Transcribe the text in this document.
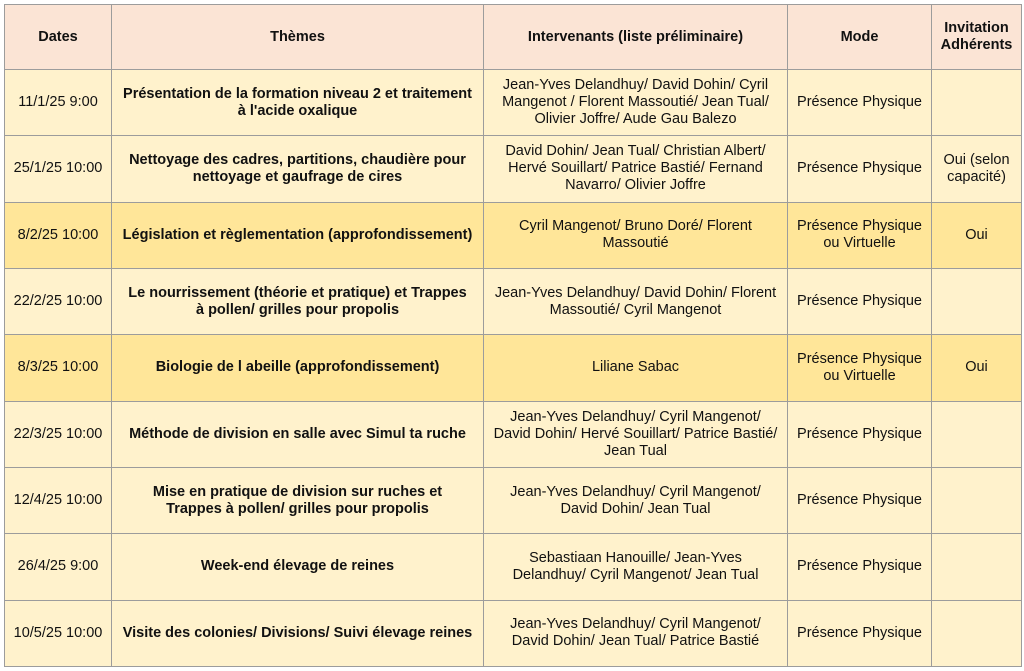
Dates	Thèmes	Intervenants (liste préliminaire)	Mode	Invitation
Adhérents
11/1/25 9:00	Présentation de la formation niveau 2 et traitement
à l'acide oxalique	Jean-Yves Delandhuy/ David Dohin/ Cyril
Mangenot / Florent Massoutié/ Jean Tual/
Olivier Joffre/ Aude Gau Balezo	Présence Physique	
25/1/25 10:00	Nettoyage des cadres, partitions, chaudière pour
nettoyage et gaufrage de cires	David Dohin/ Jean Tual/ Christian Albert/
Hervé Souillart/ Patrice Bastié/ Fernand
Navarro/ Olivier Joffre	Présence Physique	Oui (selon
capacité)
8/2/25 10:00	Législation et règlementation (approfondissement)	Cyril Mangenot/ Bruno Doré/ Florent
Massoutié	Présence Physique
ou Virtuelle	Oui
22/2/25 10:00	Le nourrissement (théorie et pratique) et Trappes
à pollen/ grilles pour propolis	Jean-Yves Delandhuy/ David Dohin/ Florent
Massoutié/ Cyril Mangenot	Présence Physique	
8/3/25 10:00	Biologie de l abeille (approfondissement)	Liliane Sabac	Présence Physique
ou Virtuelle	Oui
22/3/25 10:00	Méthode de division en salle avec Simul ta ruche	Jean-Yves Delandhuy/ Cyril Mangenot/
David Dohin/ Hervé Souillart/ Patrice Bastié/
Jean Tual	Présence Physique	
12/4/25 10:00	Mise en pratique de division sur ruches et
Trappes à pollen/ grilles pour propolis	Jean-Yves Delandhuy/ Cyril Mangenot/
David Dohin/ Jean Tual	Présence Physique	
26/4/25 9:00	Week-end élevage de reines	Sebastiaan Hanouille/ Jean-Yves
Delandhuy/ Cyril Mangenot/ Jean Tual	Présence Physique	
10/5/25 10:00	Visite des colonies/ Divisions/ Suivi élevage reines	Jean-Yves Delandhuy/ Cyril Mangenot/
David Dohin/ Jean Tual/ Patrice Bastié	Présence Physique	
